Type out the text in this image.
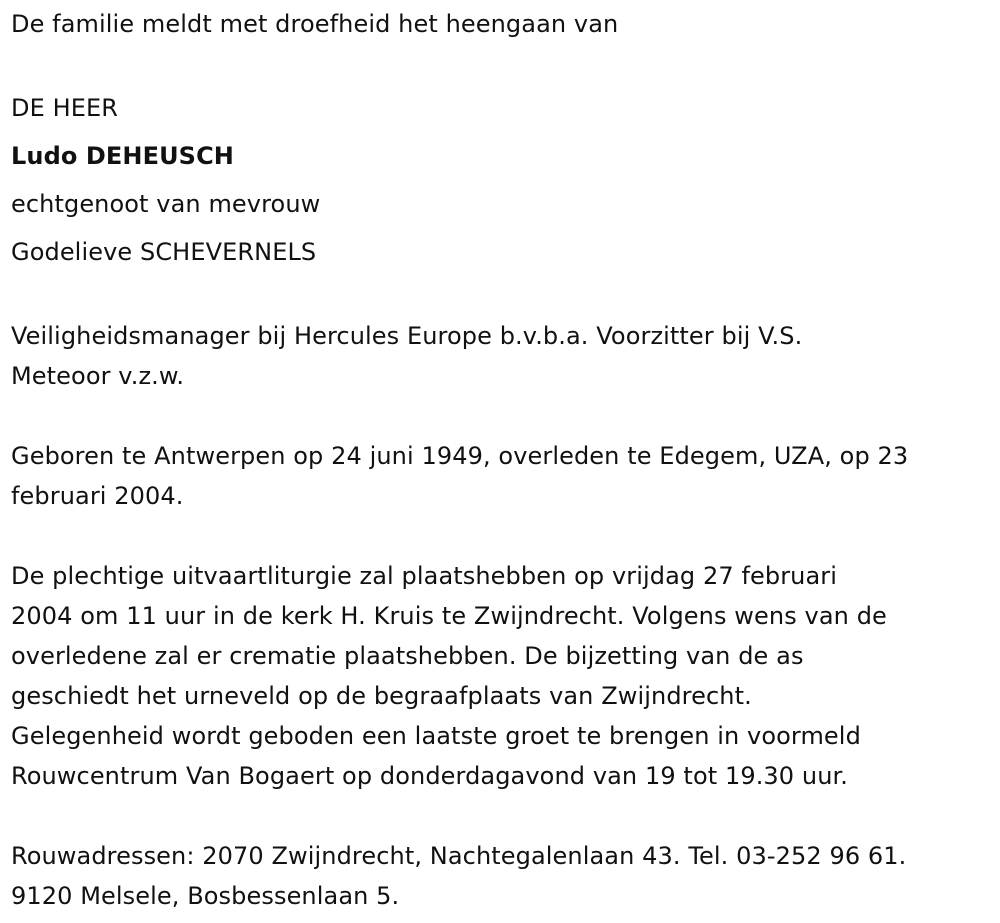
De familie meldt met droefheid het heengaan van

DE HEER
Ludo DEHEUSCH
echtgenoot van mevrouw
Godelieve SCHEVERNELS
Veiligheidsmanager bij Hercules Europe b.v.b.a. Voorzitter bij V.S.
Meteoor v.z.w.
Geboren te Antwerpen op 24 juni 1949, overleden te Edegem, UZA, op 23
februari 2004.
De plechtige uitvaartliturgie zal plaatshebben op vrijdag 27 februari
2004 om 11 uur in de kerk H. Kruis te Zwijndrecht. Volgens wens van de
overledene zal er crematie plaatshebben. De bijzetting van de as
geschiedt het urneveld op de begraafplaats van Zwijndrecht.
Gelegenheid wordt geboden een laatste groet te brengen in voormeld
Rouwcentrum Van Bogaert op donderdagavond van 19 tot 19.30 uur.
Rouwadressen: 2070 Zwijndrecht, Nachtegalenlaan 43. Tel. 03-252 96 61.
9120 Melsele, Bosbessenlaan 5.
